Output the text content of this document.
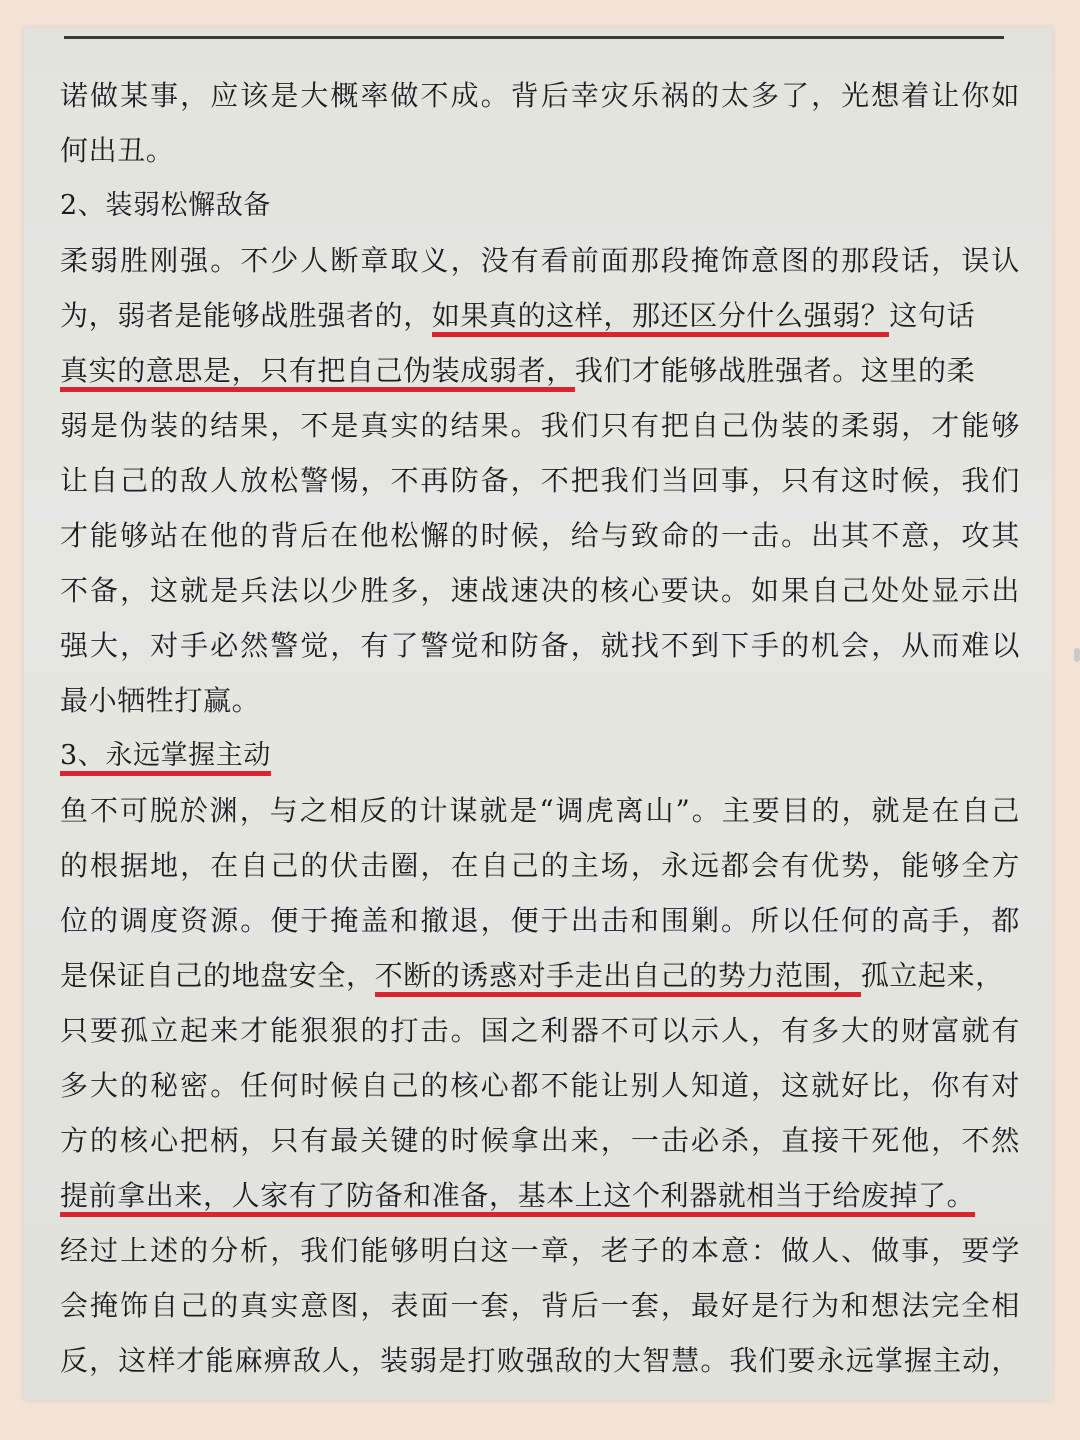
诺做某事，应该是大概率做不成。背后幸灾乐祸的太多了，光想着让你如
何出丑。
2、装弱松懈敌备
柔弱胜刚强。不少人断章取义，没有看前面那段掩饰意图的那段话，误认
为，弱者是能够战胜强者的，如果真的这样，那还区分什么强弱？这句话
真实的意思是，只有把自己伪装成弱者，我们才能够战胜强者。这里的柔
弱是伪装的结果，不是真实的结果。我们只有把自己伪装的柔弱，才能够
让自己的敌人放松警惕，不再防备，不把我们当回事，只有这时候，我们
才能够站在他的背后在他松懈的时候，给与致命的一击。出其不意，攻其
不备，这就是兵法以少胜多，速战速决的核心要诀。如果自己处处显示出
强大，对手必然警觉，有了警觉和防备，就找不到下手的机会，从而难以
最小牺牲打赢。
3、永远掌握主动
鱼不可脱於渊，与之相反的计谋就是“调虎离山”。主要目的，就是在自己
的根据地，在自己的伏击圈，在自己的主场，永远都会有优势，能够全方
位的调度资源。便于掩盖和撤退，便于出击和围剿。所以任何的高手，都
是保证自己的地盘安全，不断的诱惑对手走出自己的势力范围，孤立起来，
只要孤立起来才能狠狠的打击。国之利器不可以示人，有多大的财富就有
多大的秘密。任何时候自己的核心都不能让别人知道，这就好比，你有对
方的核心把柄，只有最关键的时候拿出来，一击必杀，直接干死他，不然
提前拿出来，人家有了防备和准备，基本上这个利器就相当于给废掉了。
经过上述的分析，我们能够明白这一章，老子的本意：做人、做事，要学
会掩饰自己的真实意图，表面一套，背后一套，最好是行为和想法完全相
反，这样才能麻痹敌人，装弱是打败强敌的大智慧。我们要永远掌握主动，
